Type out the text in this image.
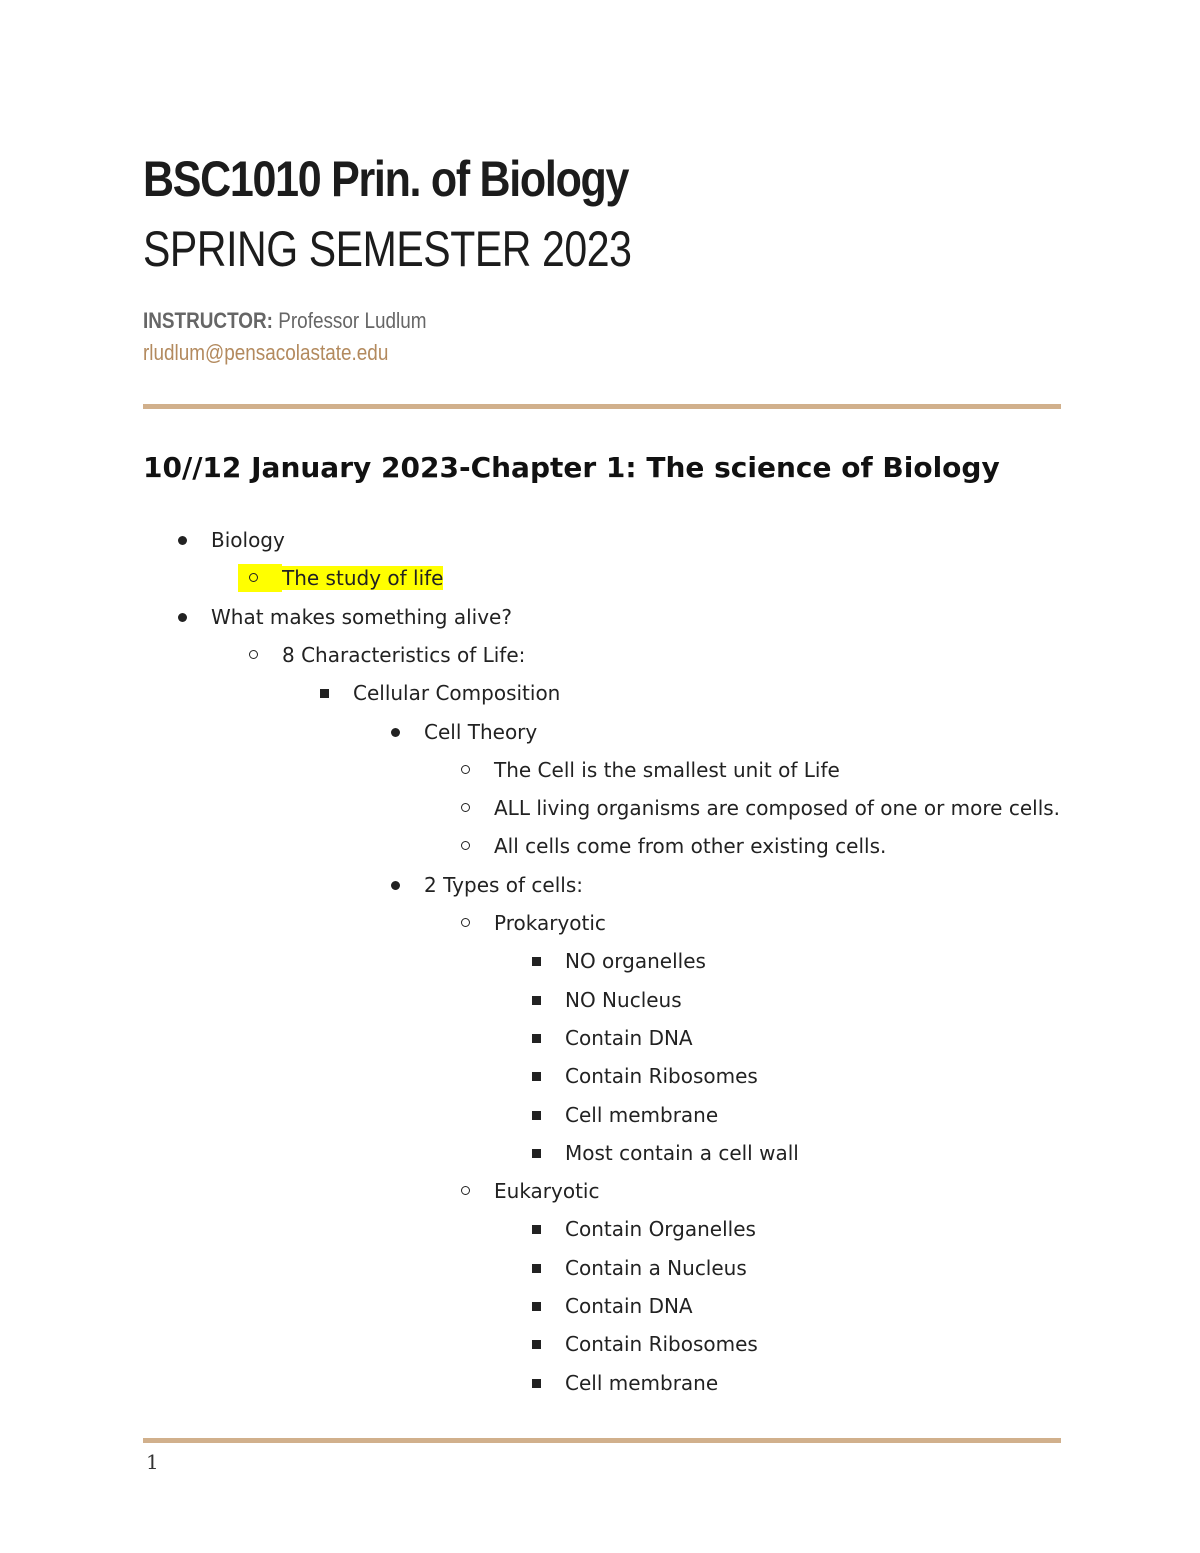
BSC1010 Prin. of Biology
SPRING SEMESTER 2023
INSTRUCTOR: Professor Ludlum
rludlum@pensacolastate.edu
10//12 January 2023-Chapter 1: The science of Biology
Biology
The study of life
What makes something alive?
8 Characteristics of Life:
Cellular Composition
Cell Theory
The Cell is the smallest unit of Life
ALL living organisms are composed of one or more cells.
All cells come from other existing cells.
2 Types of cells:
Prokaryotic
NO organelles
NO Nucleus
Contain DNA
Contain Ribosomes
Cell membrane
Most contain a cell wall
Eukaryotic
Contain Organelles
Contain a Nucleus
Contain DNA
Contain Ribosomes
Cell membrane
1
